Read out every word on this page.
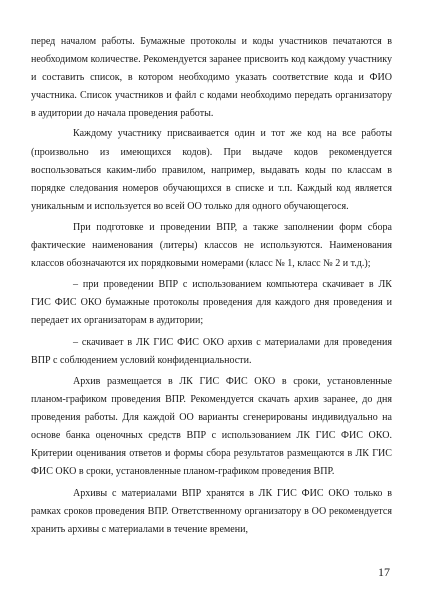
перед началом работы. Бумажные протоколы и коды участников печатаются в необходимом количестве. Рекомендуется заранее присвоить код каждому участнику и составить список, в котором необходимо указать соответствие кода и ФИО участника. Список участников и файл с кодами необходимо передать организатору в аудитории до начала проведения работы.

Каждому участнику присваивается один и тот же код на все работы (произвольно из имеющихся кодов). При выдаче кодов рекомендуется воспользоваться каким-либо правилом, например, выдавать коды по классам в порядке следования номеров обучающихся в списке и т.п. Каждый код является уникальным и используется во всей ОО только для одного обучающегося.

При подготовке и проведении ВПР, а также заполнении форм сбора фактические наименования (литеры) классов не используются. Наименования классов обозначаются их порядковыми номерами (класс № 1, класс № 2 и т.д.);

– при проведении ВПР с использованием компьютера скачивает в ЛК ГИС ФИС ОКО бумажные протоколы проведения для каждого дня проведения и передает их организаторам в аудитории;

– скачивает в ЛК ГИС ФИС ОКО архив с материалами для проведения ВПР с соблюдением условий конфиденциальности.

Архив размещается в ЛК ГИС ФИС ОКО в сроки, установленные планом-графиком проведения ВПР. Рекомендуется скачать архив заранее, до дня проведения работы. Для каждой ОО варианты сгенерированы индивидуально на основе банка оценочных средств ВПР с использованием ЛК ГИС ФИС ОКО. Критерии оценивания ответов и формы сбора результатов размещаются в ЛК ГИС ФИС ОКО в сроки, установленные планом-графиком проведения ВПР.

Архивы с материалами ВПР хранятся в ЛК ГИС ФИС ОКО только в рамках сроков проведения ВПР. Ответственному организатору в ОО рекомендуется хранить архивы с материалами в течение времени,

17
